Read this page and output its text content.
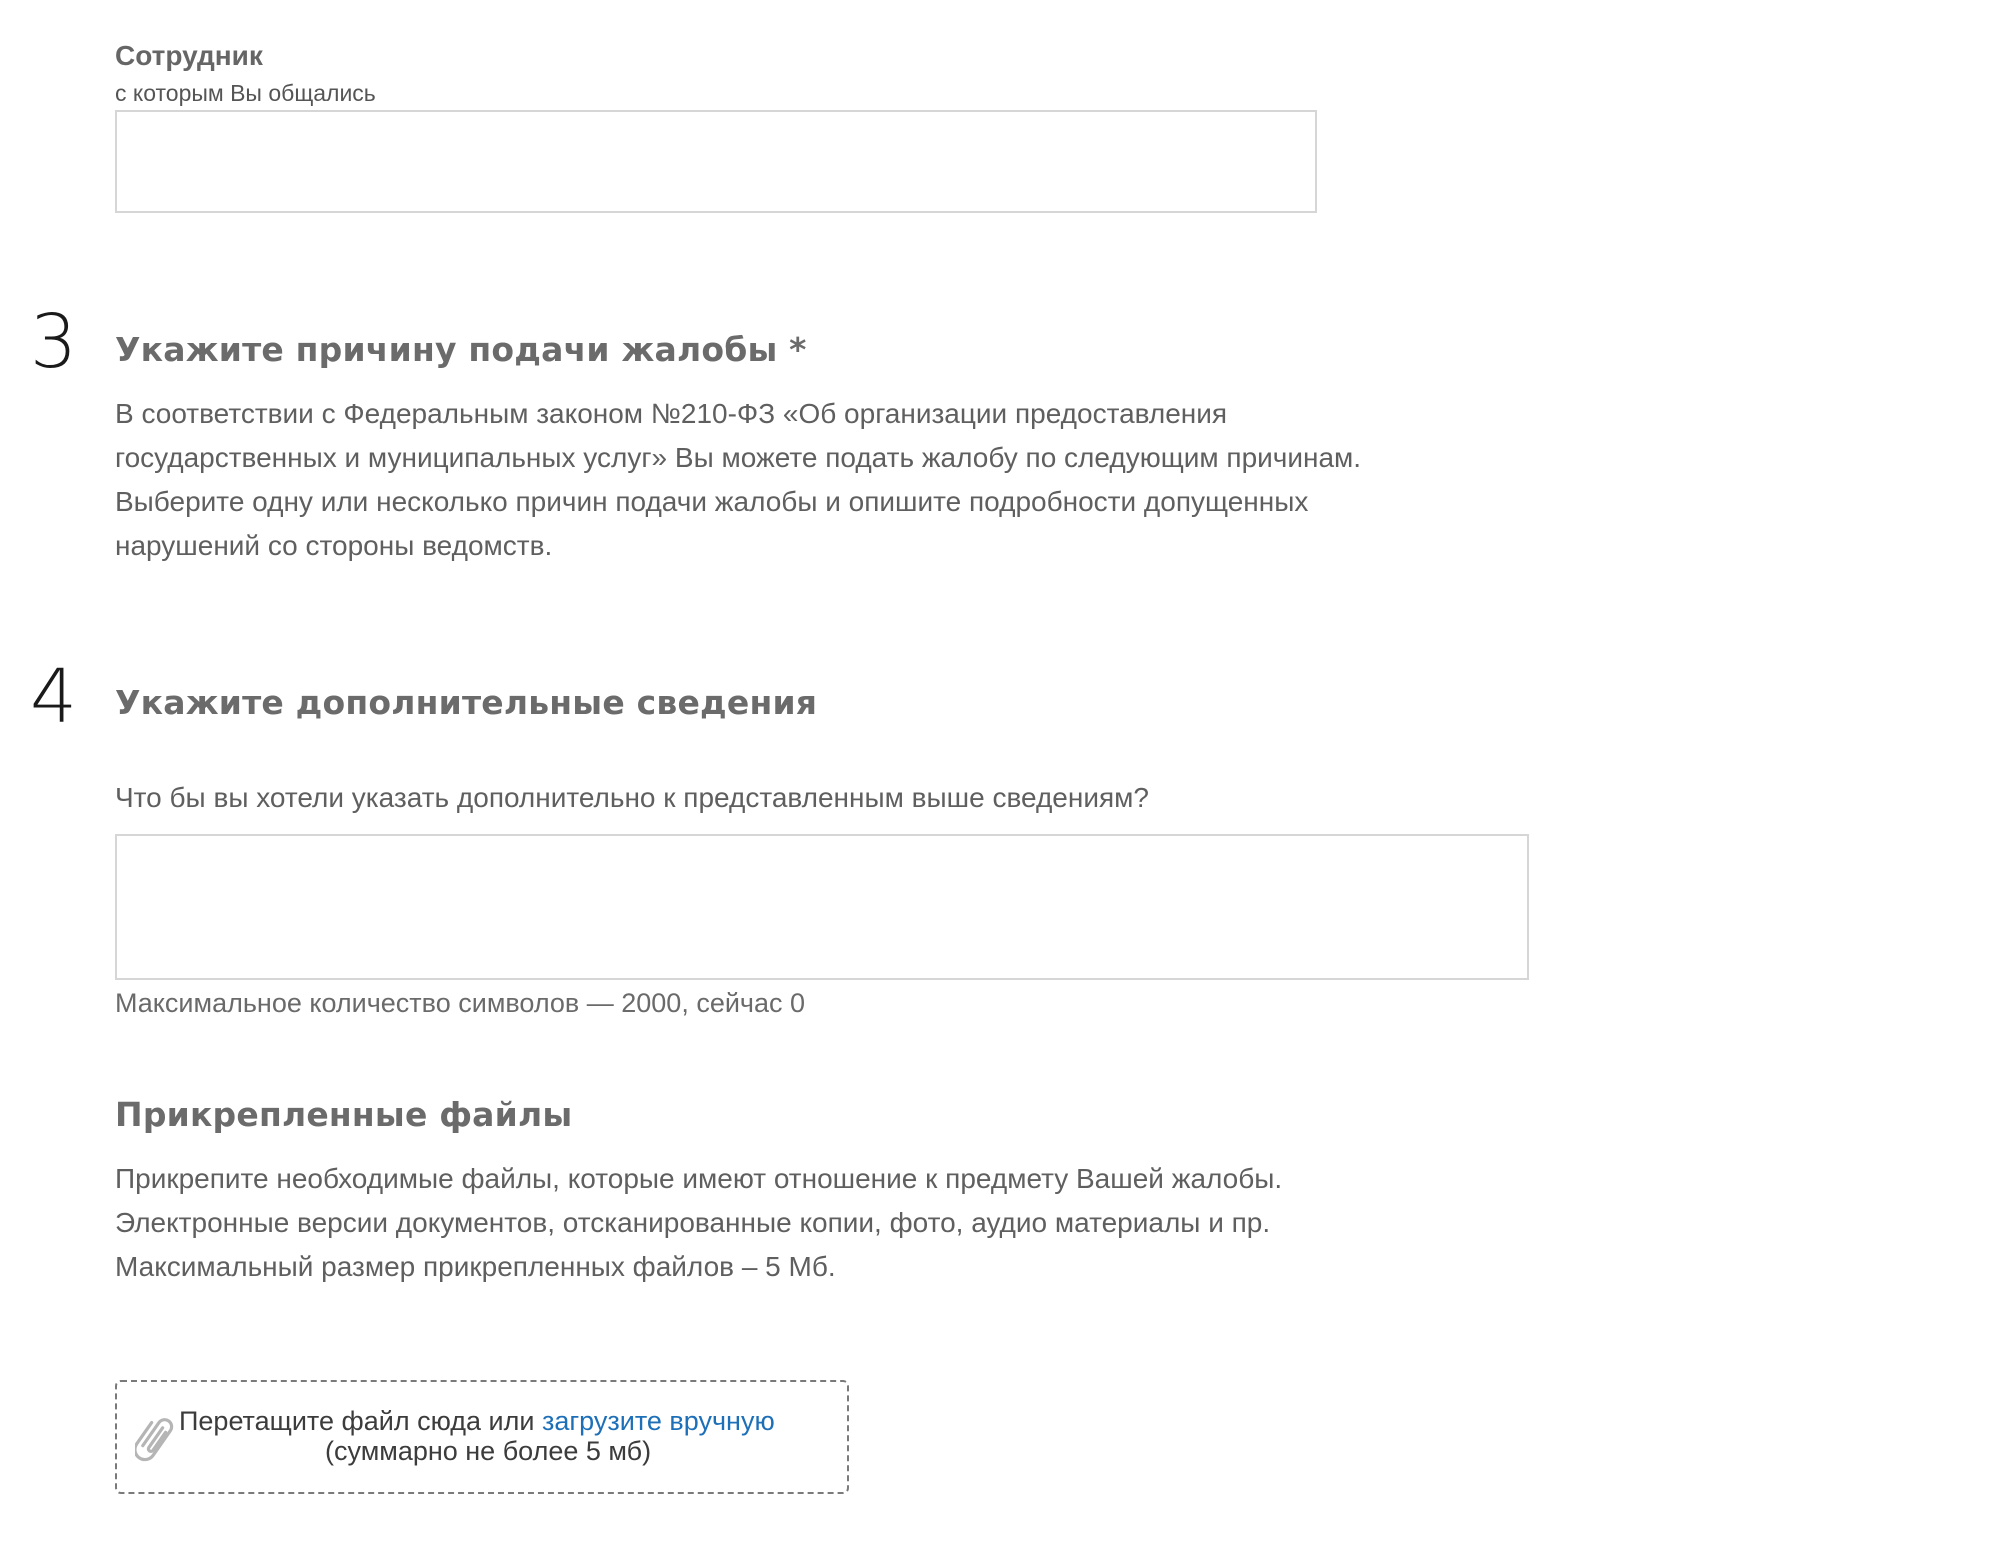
Сотрудник
с которым Вы общались
3 Укажите причину подачи жалобы *
В соответствии с Федеральным законом №210-ФЗ «Об организации предоставления
государственных и муниципальных услуг» Вы можете подать жалобу по следующим причинам.
Выберите одну или несколько причин подачи жалобы и опишите подробности допущенных
нарушений со стороны ведомств.
4 Укажите дополнительные сведения
Что бы вы хотели указать дополнительно к представленным выше сведениям?
Максимальное количество символов — 2000, сейчас 0
Прикрепленные файлы
Прикрепите необходимые файлы, которые имеют отношение к предмету Вашей жалобы.
Электронные версии документов, отсканированные копии, фото, аудио материалы и пр.
Максимальный размер прикрепленных файлов – 5 Мб.
Перетащите файл сюда или загрузите вручную
(суммарно не более 5 мб)
